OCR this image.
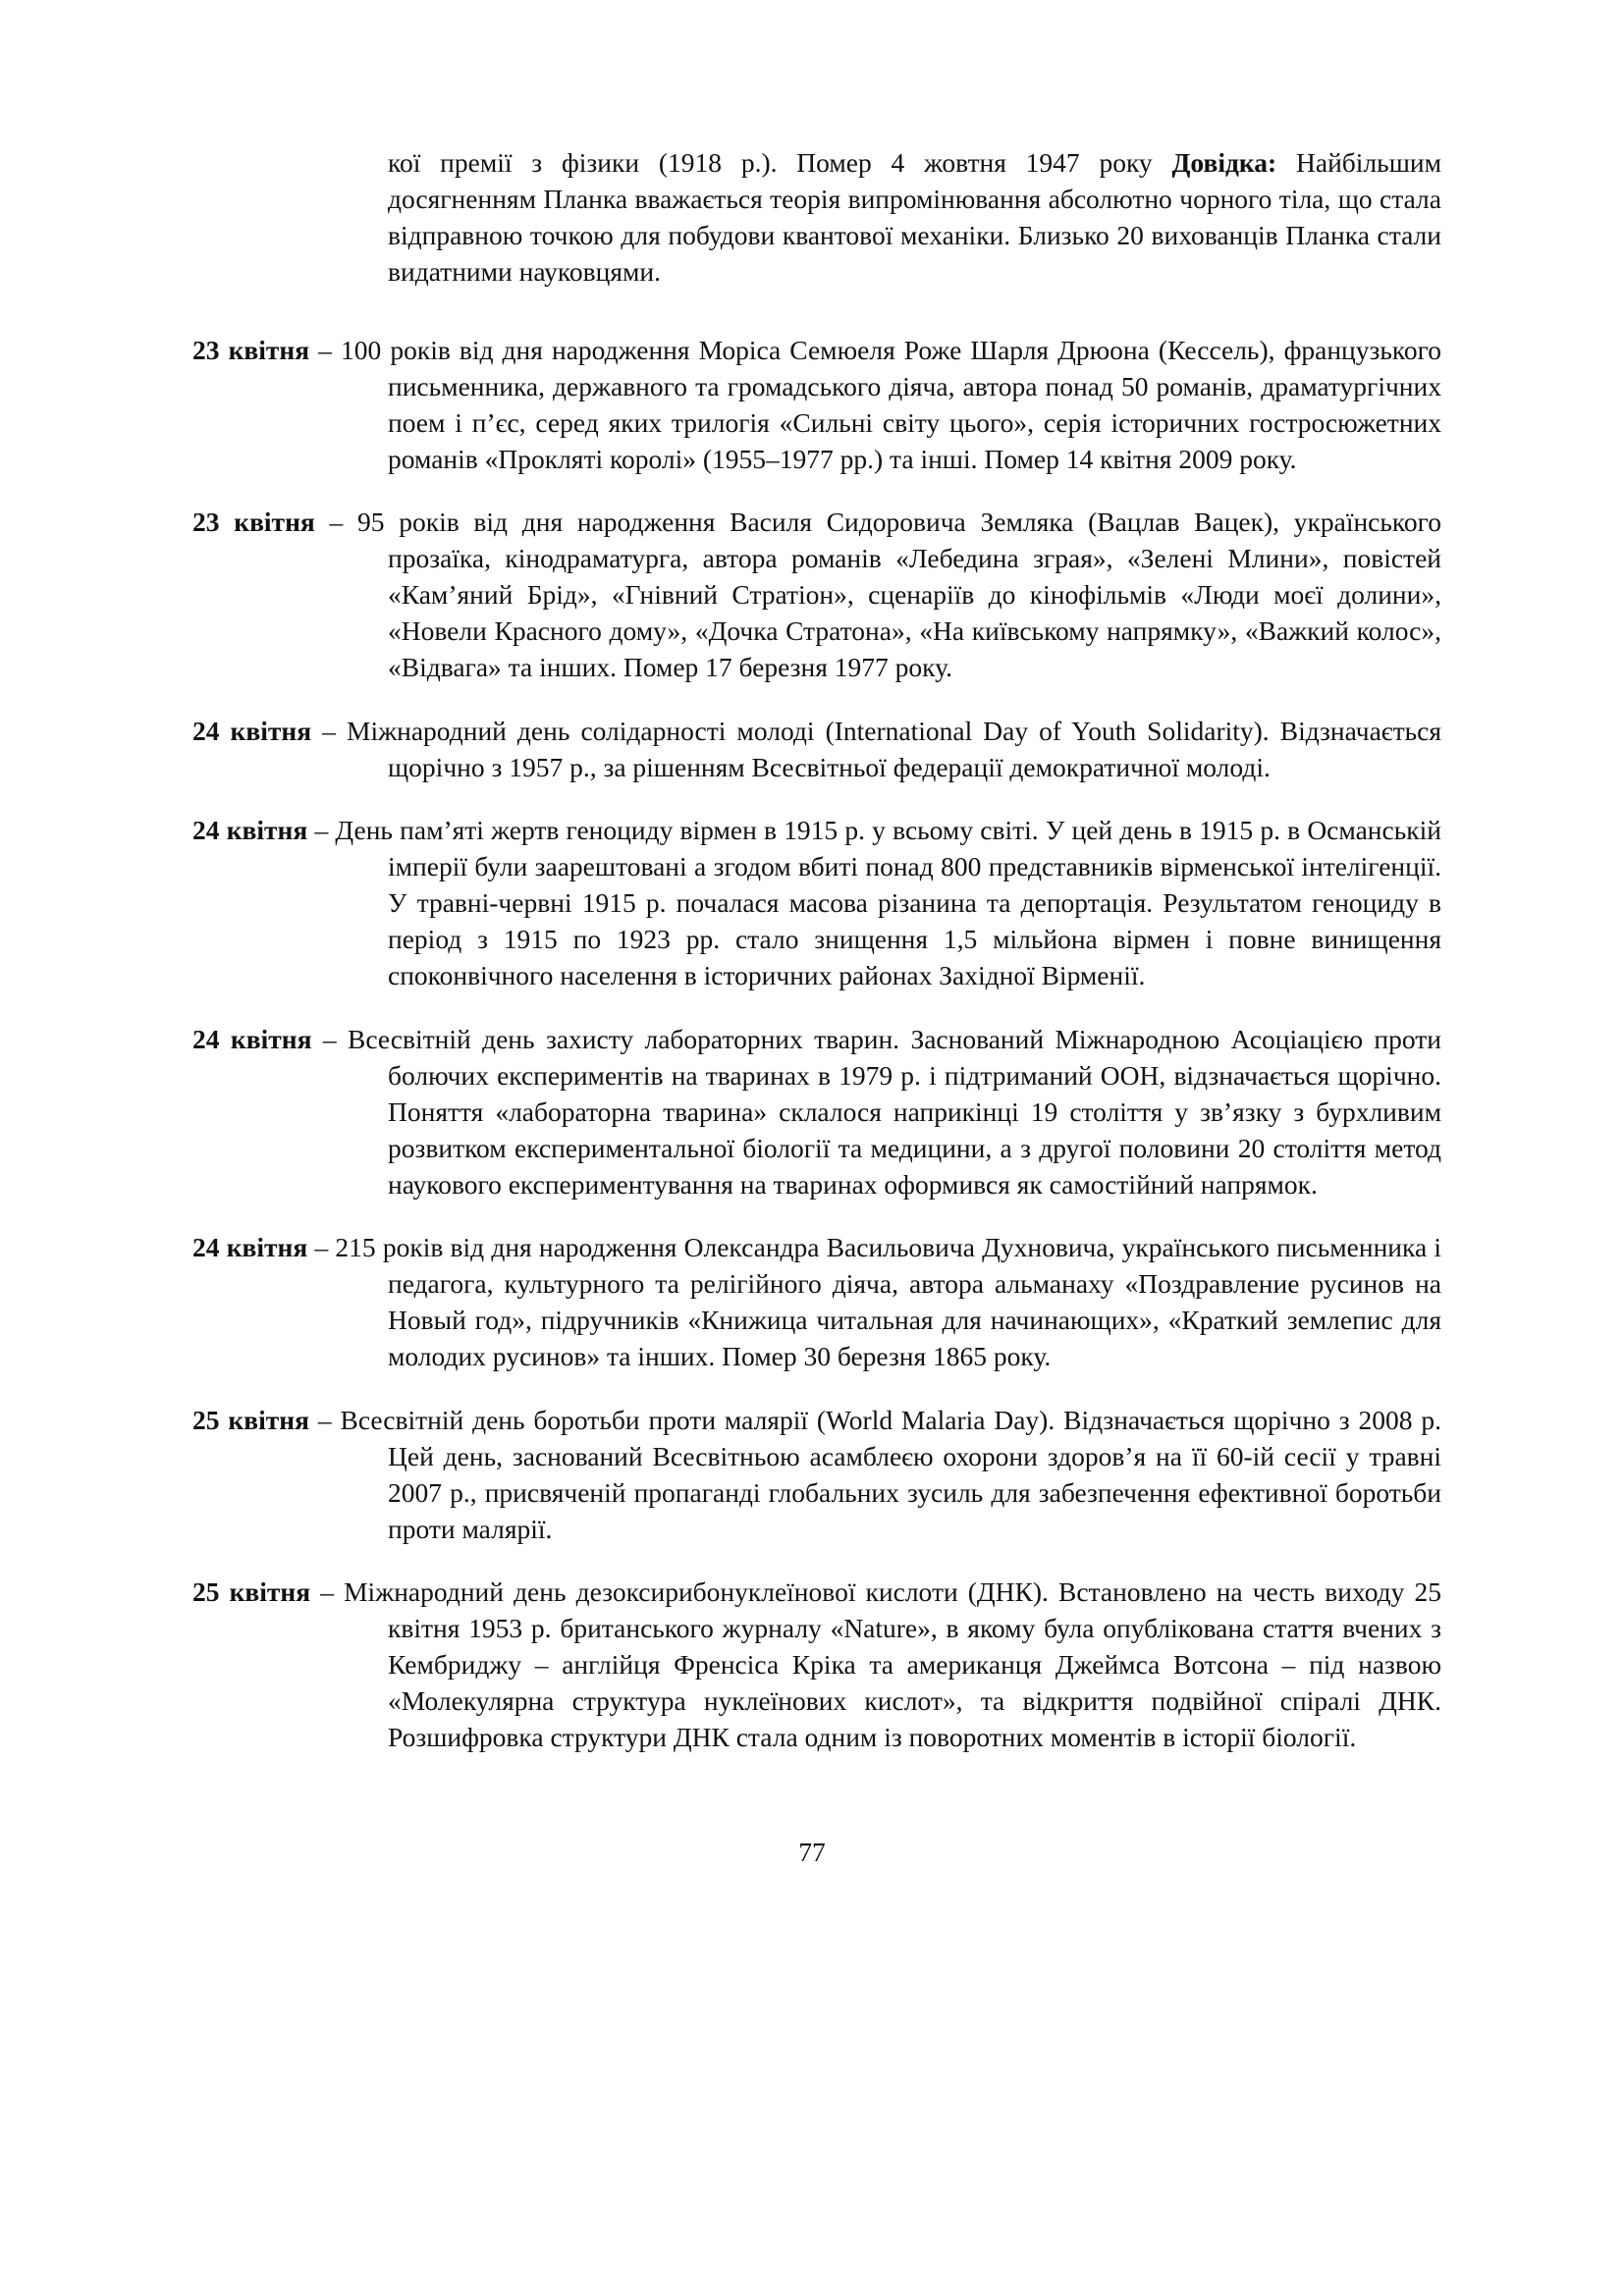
кої премії з фізики (1918 р.). Помер 4 жовтня 1947 року Довідка: Найбільшим досягненням Планка вважається теорія випромінювання абсолютно чорного тіла, що стала відправною точкою для побудови квантової механіки. Близько 20 вихованців Планка стали видатними науковцями.

23 квітня – 100 років від дня народження Моріса Семюеля Роже Шарля Дрюона (Кессель), французького письменника, державного та громадського діяча, автора понад 50 романів, драматургічних поем і п’єс, серед яких трилогія «Сильні світу цього», серія історичних гостросюжетних романів «Прокляті королі» (1955–1977 рр.) та інші. Помер 14 квітня 2009 року.

23 квітня – 95 років від дня народження Василя Сидоровича Земляка (Вацлав Вацек), українського прозаїка, кінодраматурга, автора романів «Лебедина зграя», «Зелені Млини», повістей «Кам’яний Брід», «Гнівний Стратіон», сценаріїв до кінофільмів «Люди моєї долини», «Новели Красного дому», «Дочка Стратона», «На київському напрямку», «Важкий колос», «Відвага» та інших. Помер 17 березня 1977 року.

24 квітня – Міжнародний день солідарності молоді (International Day of Youth Solidarity). Відзначається щорічно з 1957 р., за рішенням Всесвітньої федерації демократичної молоді.

24 квітня – День пам’яті жертв геноциду вірмен в 1915 р. у всьому світі. У цей день в 1915 р. в Османській імперії були заарештовані а згодом вбиті понад 800 представників вірменської інтелігенції. У травні-червні 1915 р. почалася масова різанина та депортація. Результатом геноциду в період з 1915 по 1923 рр. стало знищення 1,5 мільйона вірмен і повне винищення споконвічного населення в історичних районах Західної Вірменії.

24 квітня – Всесвітній день захисту лабораторних тварин. Заснований Міжнародною Асоціацією проти болючих експериментів на тваринах в 1979 р. і підтриманий ООН, відзначається щорічно. Поняття «лабораторна тварина» склалося наприкінці 19 століття у зв’язку з бурхливим розвитком експериментальної біології та медицини, а з другої половини 20 століття метод наукового експериментування на тваринах оформився як самостійний напрямок.

24 квітня – 215 років від дня народження Олександра Васильовича Духновича, українського письменника і педагога, культурного та релігійного діяча, автора альманаху «Поздравление русинов на Новый год», підручників «Книжица читальная для начинающих», «Краткий землепис для молодих русинов» та інших. Помер 30 березня 1865 року.

25 квітня – Всесвітній день боротьби проти малярії (World Malaria Day). Відзначається щорічно з 2008 р. Цей день, заснований Всесвітньою асамблеєю охорони здоров’я на її 60-ій сесії у травні 2007 р., присвяченій пропаганді глобальних зусиль для забезпечення ефективної боротьби проти малярії.

25 квітня – Міжнародний день дезоксирибонуклеїнової кислоти (ДНК). Встановлено на честь виходу 25 квітня 1953 р. британського журналу «Nature», в якому була опублікована стаття вчених з Кембриджу – англійця Френсіса Кріка та американця Джеймса Вотсона – під назвою «Молекулярна структура нуклеїнових кислот», та відкриття подвійної спіралі ДНК. Розшифровка структури ДНК стала одним із поворотних моментів в історії біології.

77
